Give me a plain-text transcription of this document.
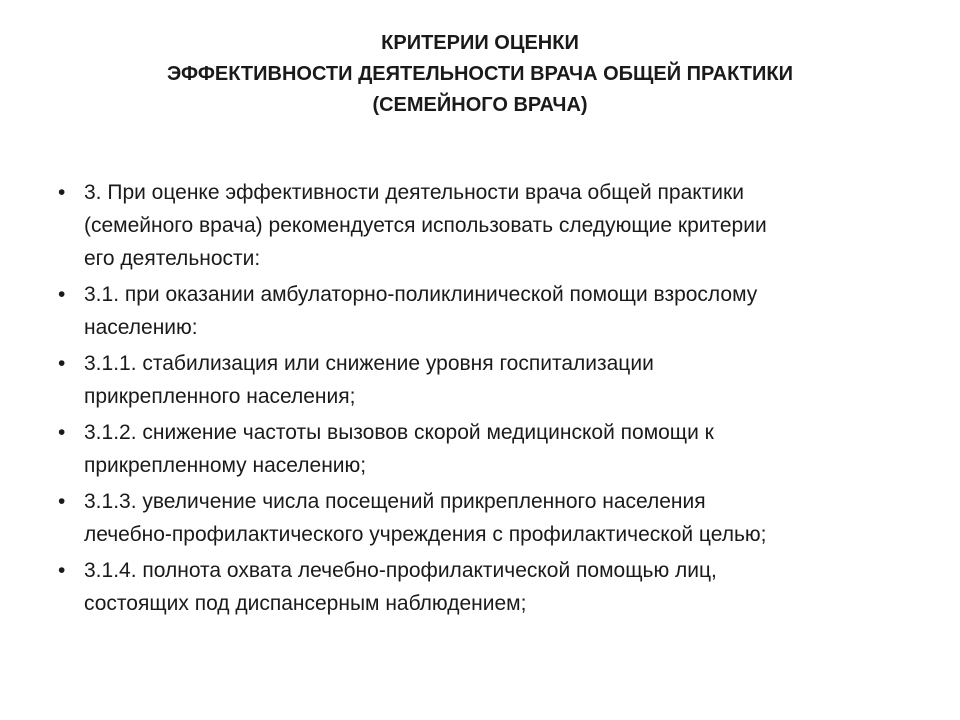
КРИТЕРИИ ОЦЕНКИ
ЭФФЕКТИВНОСТИ ДЕЯТЕЛЬНОСТИ ВРАЧА ОБЩЕЙ ПРАКТИКИ
(СЕМЕЙНОГО ВРАЧА)
• 3. При оценке эффективности деятельности врача общей практики
(семейного врача) рекомендуется использовать следующие критерии
его деятельности:
• 3.1. при оказании амбулаторно-поликлинической помощи взрослому
населению:
• 3.1.1. стабилизация или снижение уровня госпитализации
прикрепленного населения;
• 3.1.2. снижение частоты вызовов скорой медицинской помощи к
прикрепленному населению;
• 3.1.3. увеличение числа посещений прикрепленного населения
лечебно-профилактического учреждения с профилактической целью;
• 3.1.4. полнота охвата лечебно-профилактической помощью лиц,
состоящих под диспансерным наблюдением;
